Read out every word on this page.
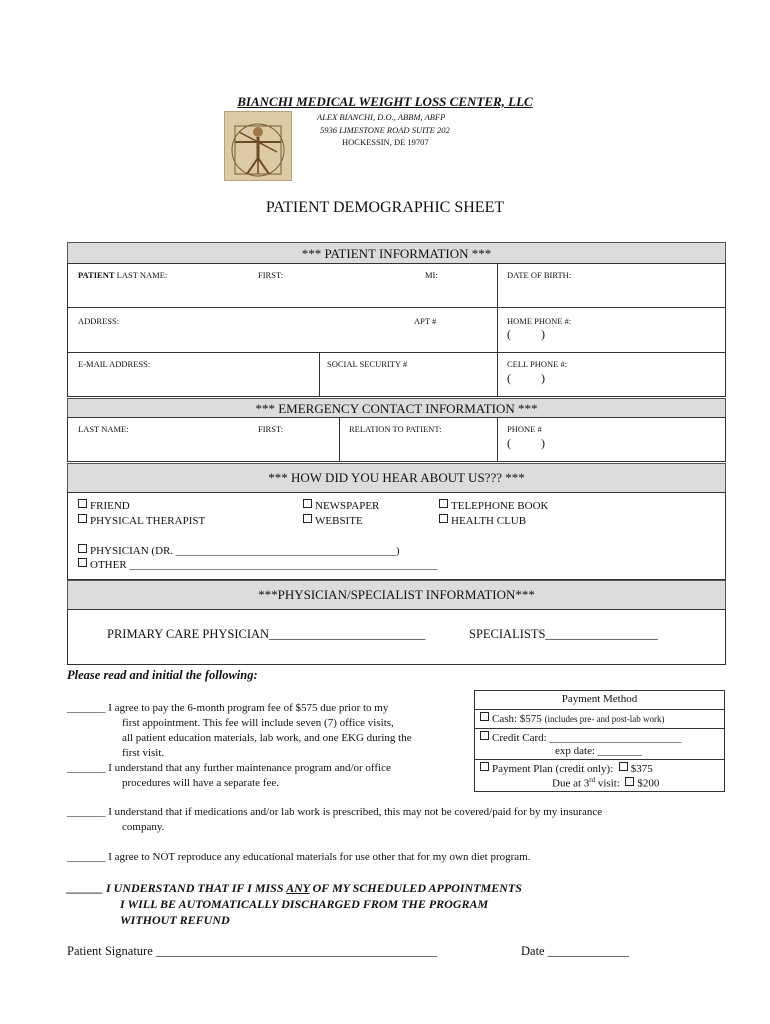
BIANCHI MEDICAL WEIGHT LOSS CENTER, LLC
ALEX BIANCHI, D.O., ABBM, ABFP
5936 LIMESTONE ROAD SUITE 202
HOCKESSIN, DE 19707
PATIENT DEMOGRAPHIC SHEET
*** PATIENT INFORMATION ***
PATIENT LAST NAME:	FIRST:	MI:	DATE OF BIRTH:
ADDRESS:	APT #	HOME PHONE #:
(          )
E-MAIL ADDRESS:	SOCIAL SECURITY #	CELL PHONE #:
(          )
*** EMERGENCY CONTACT INFORMATION ***
LAST NAME:	FIRST:	RELATION TO PATIENT:	PHONE #
(          )
*** HOW DID YOU HEAR ABOUT US??? ***
FRIEND
PHYSICAL THERAPIST
NEWSPAPER
WEBSITE
TELEPHONE BOOK
HEALTH CLUB
PHYSICIAN (DR. ________________________________________)
OTHER ________________________________________________________
***PHYSICIAN/SPECIALIST INFORMATION***
PRIMARY CARE PHYSICIAN_________________________	SPECIALISTS__________________
Please read and initial the following:
_______ I agree to pay the 6-month program fee of $575 due prior to my
first appointment. This fee will include seven (7) office visits,
all patient education materials, lab work, and one EKG during the
first visit.
_______ I understand that any further maintenance program and/or office
procedures will have a separate fee.
Payment Method
Cash: $575 (includes pre- and post-lab work)
Credit Card: ________________________
exp date: ________
Payment Plan (credit only): $375
Due at 3rd visit: $200
_______ I understand that if medications and/or lab work is prescribed, this may not be covered/paid for by my insurance
company.
_______ I agree to NOT reproduce any educational materials for use other that for my own diet program.
______ I UNDERSTAND THAT IF I MISS ANY OF MY SCHEDULED APPOINTMENTS
I WILL BE AUTOMATICALLY DISCHARGED FROM THE PROGRAM
WITHOUT REFUND
Patient Signature _____________________________________________	Date _____________
